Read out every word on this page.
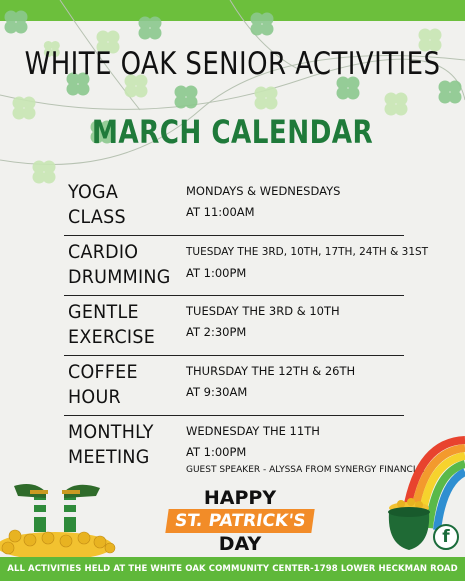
WHITE OAK SENIOR ACTIVITIES
MARCH CALENDAR
YOGA
CLASS
MONDAYS & WEDNESDAYS
AT 11:00AM
CARDIO
DRUMMING
TUESDAY THE 3RD, 10TH, 17TH, 24TH & 31ST
AT 1:00PM
GENTLE
EXERCISE
TUESDAY THE 3RD & 10TH
AT 2:30PM
COFFEE
HOUR
THURSDAY THE 12TH & 26TH
AT 9:30AM
MONTHLY
MEETING
WEDNESDAY THE 11TH
AT 1:00PM
GUEST SPEAKER - ALYSSA FROM SYNERGY FINANCIAL
HAPPY
ST. PATRICK'S
DAY	f
ALL ACTIVITIES HELD AT THE WHITE OAK COMMUNITY CENTER-1798 LOWER HECKMAN ROAD
